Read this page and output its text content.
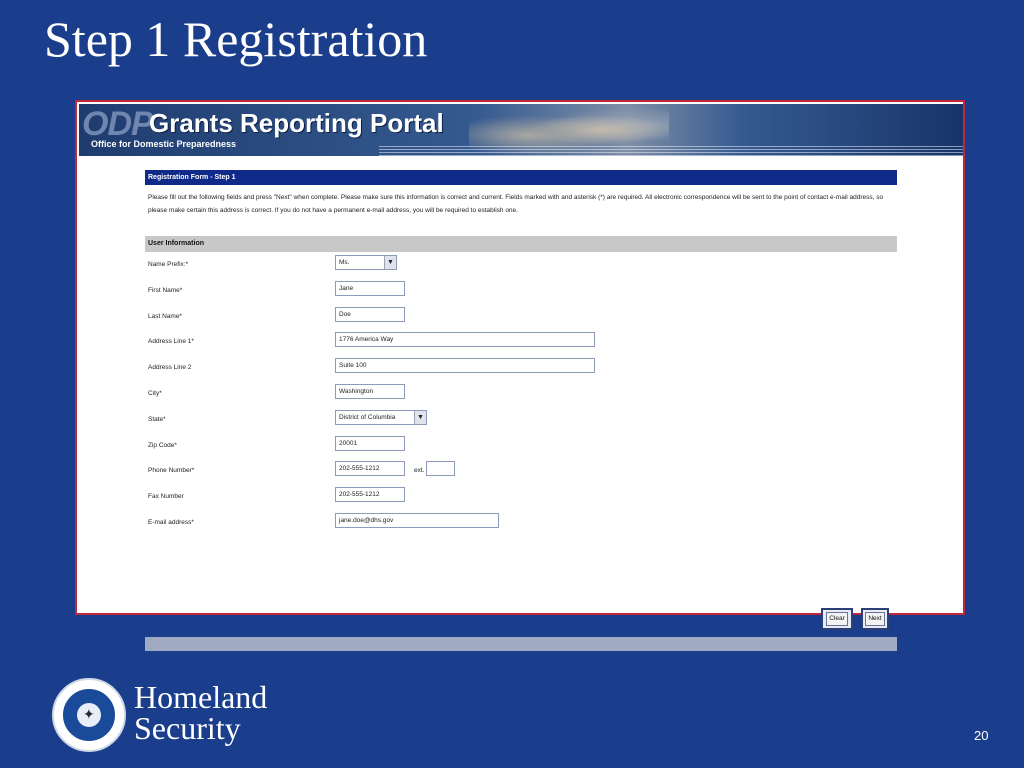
Step 1 Registration
ODP
Grants Reporting Portal
Office for Domestic Preparedness
Registration Form - Step 1
Please fill out the following fields and press "Next" when complete. Please make sure this information is correct and current. Fields marked with and asterisk (*) are required. All electronic correspondence will be sent to the point of contact e-mail address, so please make certain this address is correct. If you do not have a permanent e-mail address, you will be required to establish one.
User Information
Name Prefix:*	Ms.	▼
First Name*	Jane
Last Name*	Doe
Address Line 1*	1776 America Way
Address Line 2	Suite 100
City*	Washington
State*	District of Columbia	▼
Zip Code*	20001
Phone Number*	202-555-1212	ext.
Fax Number	202-555-1212
E-mail address*	jane.doe@dhs.gov
Clear	Next
✦ Homeland
Security	20
